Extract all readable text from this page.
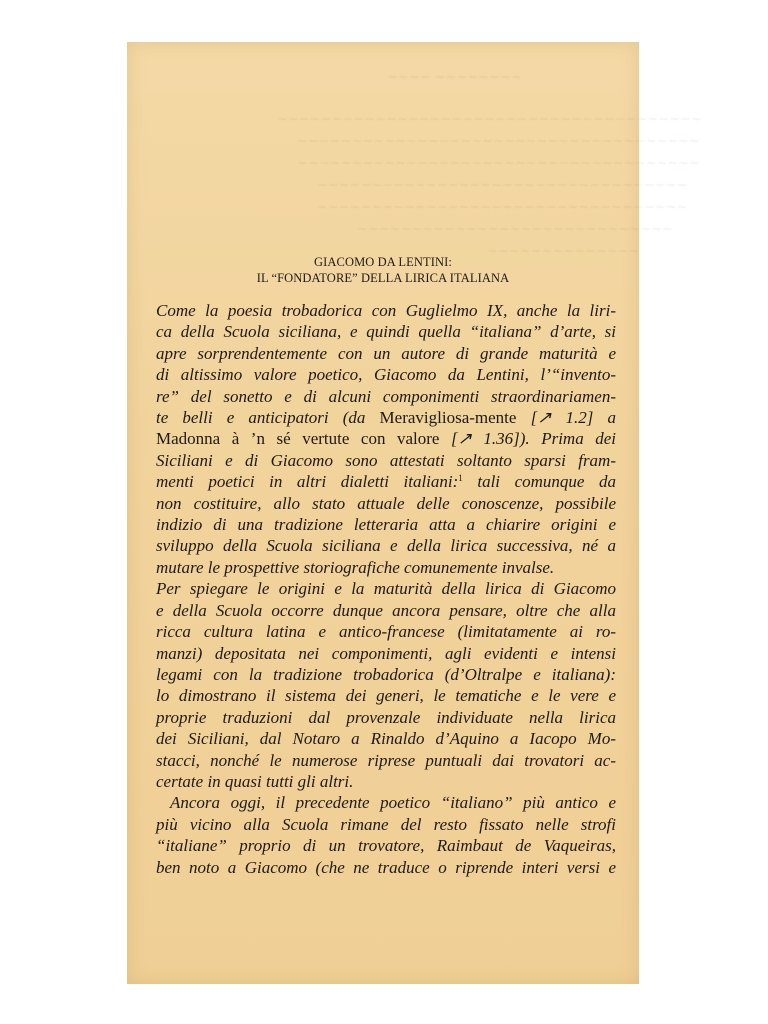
~~~~ ~~~~~~~~
~~~~~~~~~~~~~~~~~~~~~~~~~~~~~~~~~~~~~~~
~~~~~~~~~~~~~~~~~~~~~~~~~~~~~~~~~~~~~
~~~~~~~~~~~~~~~~~~~~~~~~~~~~~~~~~~~~~
~~~~~~~~~~~~~~~~~~~~~~~~~~~~~~~~~~
~~~~~~~~~~~~~~~~~~~~~~~~~~~~~~~~~~
~~~~~~~~~~~~~~~~~~~~~~~~~~~~~
~~~~~~~~~~~~~~
GIACOMO DA LENTINI:
IL “FONDATORE” DELLA LIRICA ITALIANA
Come la poesia trobadorica con Guglielmo IX, anche la liri-
ca della Scuola siciliana, e quindi quella “italiana” d’arte, si
apre sorprendentemente con un autore di grande maturità e
di altissimo valore poetico, Giacomo da Lentini, l’“invento-
re” del sonetto e di alcuni componimenti straordinariamen-
te belli e anticipatori (da Meravigliosa-mente [↗ 1.2] a
Madonna à ’n sé vertute con valore [↗ 1.36]). Prima dei
Siciliani e di Giacomo sono attestati soltanto sparsi fram-
menti poetici in altri dialetti italiani:$^1$ tali comunque da
non costituire, allo stato attuale delle conoscenze, possibile
indizio di una tradizione letteraria atta a chiarire origini e
sviluppo della Scuola siciliana e della lirica successiva, né a
mutare le prospettive storiografiche comunemente invalse.
Per spiegare le origini e la maturità della lirica di Giacomo
e della Scuola occorre dunque ancora pensare, oltre che alla
ricca cultura latina e antico-francese (limitatamente ai ro-
manzi) depositata nei componimenti, agli evidenti e intensi
legami con la tradizione trobadorica (d’Oltralpe e italiana):
lo dimostrano il sistema dei generi, le tematiche e le vere e
proprie traduzioni dal provenzale individuate nella lirica
dei Siciliani, dal Notaro a Rinaldo d’Aquino a Iacopo Mo-
stacci, nonché le numerose riprese puntuali dai trovatori ac-
certate in quasi tutti gli altri.
Ancora oggi, il precedente poetico “italiano” più antico e
più vicino alla Scuola rimane del resto fissato nelle strofi
“italiane” proprio di un trovatore, Raimbaut de Vaqueiras,
ben noto a Giacomo (che ne traduce o riprende interi versi e
